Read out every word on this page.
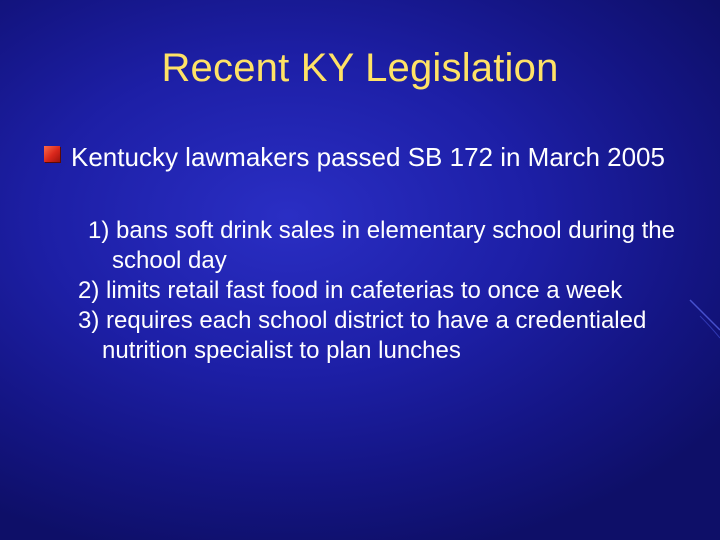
Recent KY Legislation
Kentucky lawmakers passed SB 172 in March 2005
1) bans soft drink sales in elementary school during the school day
2) limits retail fast food in cafeterias to once a week
3) requires each school district to have a credentialed nutrition specialist to plan lunches
